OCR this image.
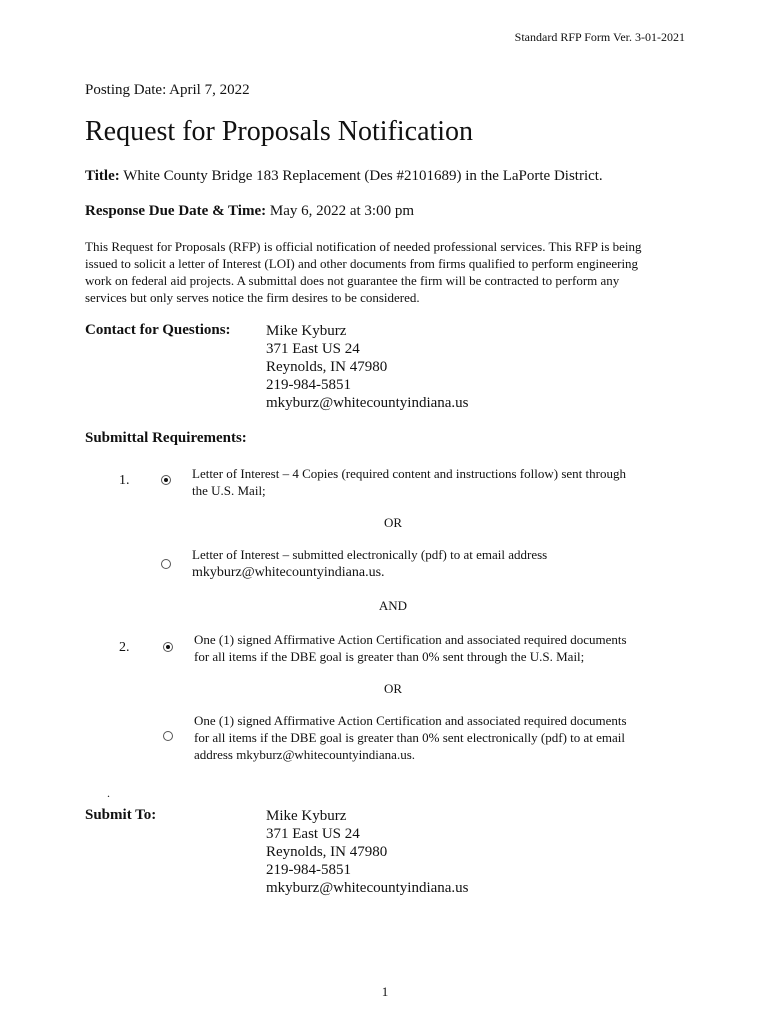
Standard RFP Form Ver. 3-01-2021
Posting Date: April 7, 2022
Request for Proposals Notification
Title: White County Bridge 183 Replacement (Des #2101689) in the LaPorte District.
Response Due Date & Time: May 6, 2022 at 3:00 pm
This Request for Proposals (RFP) is official notification of needed professional services. This RFP is being
issued to solicit a letter of Interest (LOI) and other documents from firms qualified to perform engineering
work on federal aid projects. A submittal does not guarantee the firm will be contracted to perform any
services but only serves notice the firm desires to be considered.
Contact for Questions: Mike Kyburz
371 East US 24
Reynolds, IN 47980
219-984-5851
mkyburz@whitecountyindiana.us
Submittal Requirements:
1.	Letter of Interest – 4 Copies (required content and instructions follow) sent through
the U.S. Mail;
OR
Letter of Interest – submitted electronically (pdf) to at email address
mkyburz@whitecountyindiana.us.
AND
2.
One (1) signed Affirmative Action Certification and associated required documents
for all items if the DBE goal is greater than 0% sent through the U.S. Mail;
OR
One (1) signed Affirmative Action Certification and associated required documents
for all items if the DBE goal is greater than 0% sent electronically (pdf) to at email
address mkyburz@whitecountyindiana.us.
.
Submit To:	Mike Kyburz
371 East US 24
Reynolds, IN 47980
219-984-5851
mkyburz@whitecountyindiana.us
1
